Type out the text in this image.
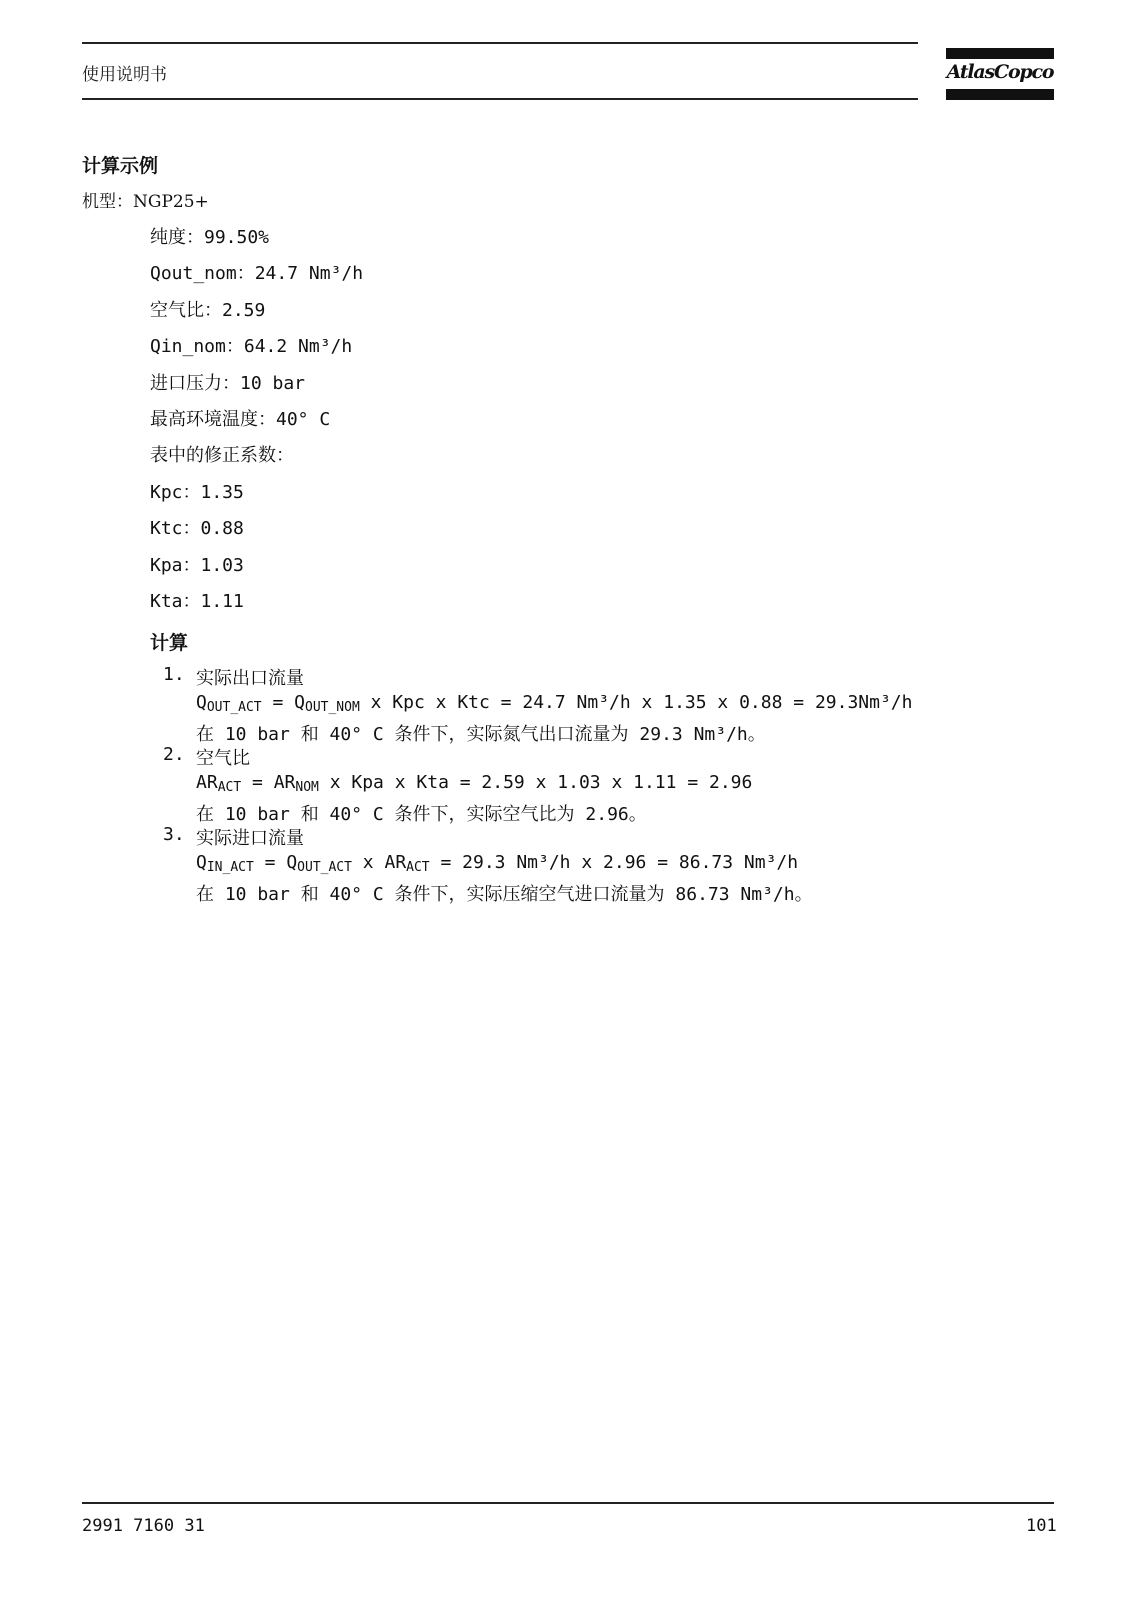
使用说明书	AtlasCopco
计算示例
机型：NGP25+
纯度：99.50%
Qout_nom：24.7 Nm³/h
空气比：2.59
Qin_nom：64.2 Nm³/h
进口压力：10 bar
最高环境温度：40° C
表中的修正系数：
Kpc：1.35
Ktc：0.88
Kpa：1.03
Kta：1.11
计算
1. 实际出口流量
$Q_{OUT\_ACT} = Q_{OUT\_NOM}$ x Kpc x Ktc = 24.7 Nm³/h x 1.35 x 0.88 = 29.3Nm³/h
在 10 bar 和 40° C 条件下，实际氮气出口流量为 29.3 Nm³/h。
2. 空气比
$AR_{ACT} = AR_{NOM}$ x Kpa x Kta = 2.59 x 1.03 x 1.11 = 2.96
在 10 bar 和 40° C 条件下，实际空气比为 2.96。
3. 实际进口流量
$Q_{IN\_ACT} = Q_{OUT\_ACT}$ x $AR_{ACT} = 29.3$ Nm³/h x 2.96 = 86.73 Nm³/h
在 10 bar 和 40° C 条件下，实际压缩空气进口流量为 86.73 Nm³/h。
2991 7160 31	101
